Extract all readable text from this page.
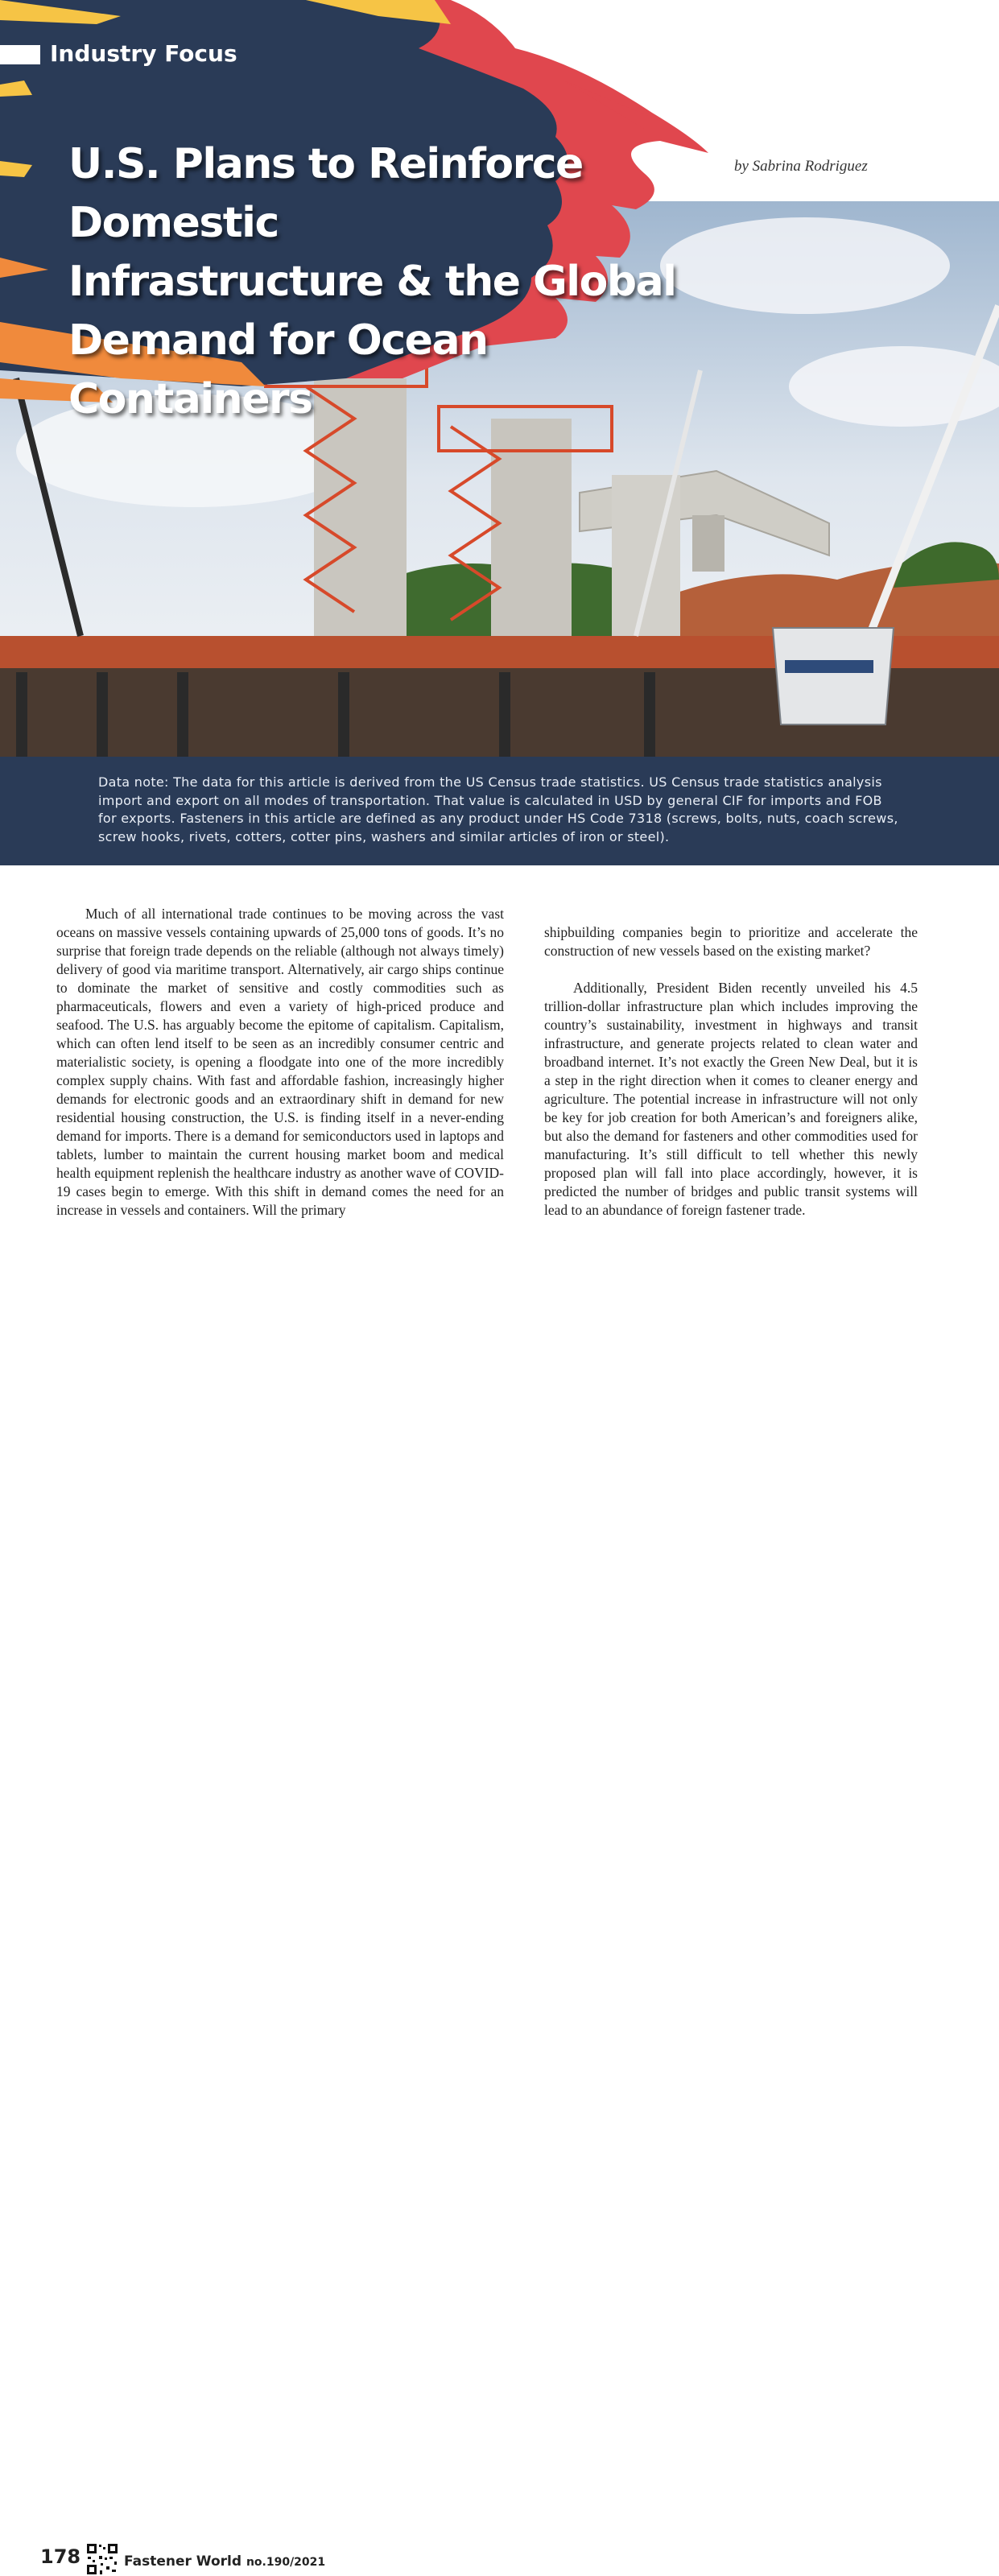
Industry Focus
U.S. Plans to Reinforce Domestic
Infrastructure & the Global
Demand for Ocean Containers
by Sabrina Rodriguez

Data note: The data for this article is derived from the US Census trade statistics. US Census trade statistics analysis import and export on all modes of transportation. That value is calculated in USD by general CIF for imports and FOB for exports. Fasteners in this article are defined as any product under HS Code 7318 (screws, bolts, nuts, coach screws, screw hooks, rivets, cotters, cotter pins, washers and similar articles of iron or steel).

Much of all international trade continues to be moving across the vast oceans on massive vessels containing upwards of 25,000 tons of goods. It’s no surprise that foreign trade depends on the reliable (although not always timely) delivery of good via maritime transport. Alternatively, air cargo ships continue to dominate the market of sensitive and costly commodities such as pharmaceuticals, flowers and even a variety of high-priced produce and seafood. The U.S. has arguably become the epitome of capitalism. Capitalism, which can often lend itself to be seen as an incredibly consumer centric and materialistic society, is opening a floodgate into one of the more incredibly complex supply chains. With fast and affordable fashion, increasingly higher demands for electronic goods and an extraordinary shift in demand for new residential housing construction, the U.S. is finding itself in a never-ending demand for imports. There is a demand for semiconductors used in laptops and tablets, lumber to maintain the current housing market boom and medical health equipment replenish the healthcare industry as another wave of COVID-19 cases begin to emerge. With this shift in demand comes the need for an increase in vessels and containers. Will the primary

shipbuilding companies begin to prioritize and accelerate the construction of new vessels based on the existing market?

Additionally, President Biden recently unveiled his 4.5 trillion-dollar infrastructure plan which includes improving the country’s sustainability, investment in highways and transit infrastructure, and generate projects related to clean water and broadband internet. It’s not exactly the Green New Deal, but it is a step in the right direction when it comes to cleaner energy and agriculture. The potential increase in infrastructure will not only be key for job creation for both American’s and foreigners alike, but also the demand for fasteners and other commodities used for manufacturing. It’s still difficult to tell whether this newly proposed plan will fall into place accordingly, however, it is predicted the number of bridges and public transit systems will lead to an abundance of foreign fastener trade.

178	Fastener World no.190/2021
